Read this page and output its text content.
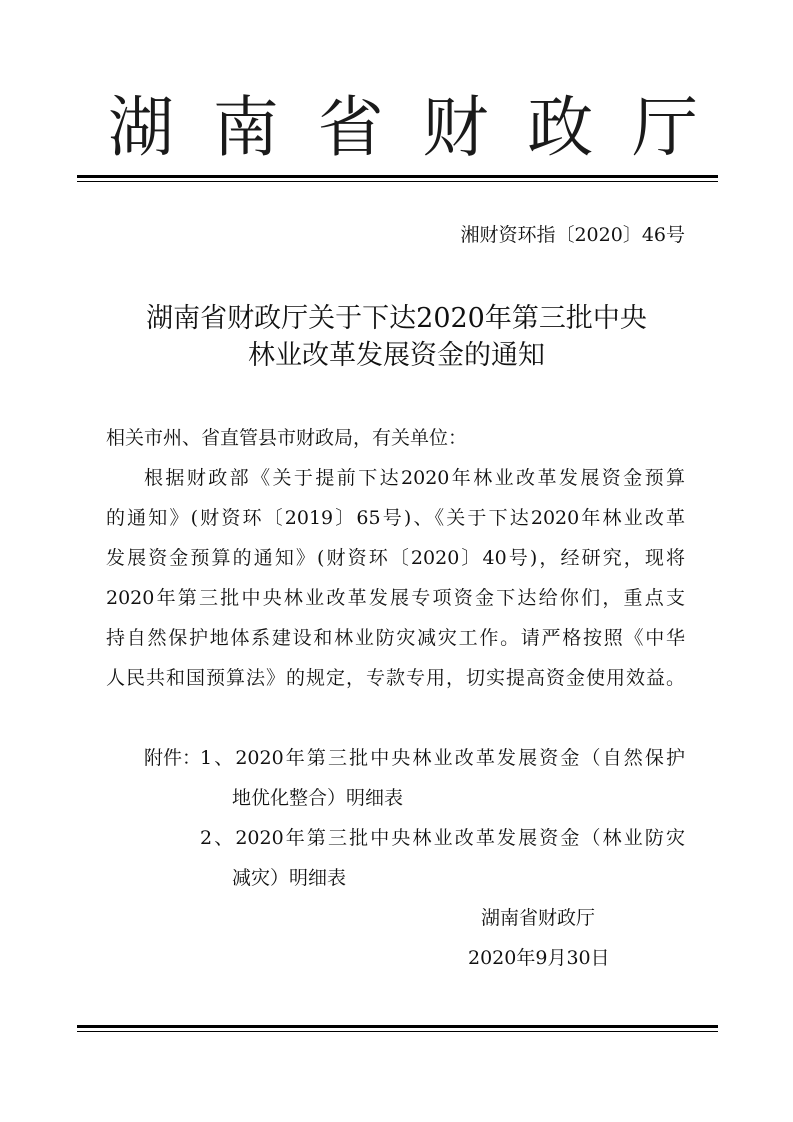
湖 南 省 财 政 厅
湘财资环指〔2020〕46号
湖南省财政厅关于下达2020年第三批中央
林业改革发展资金的通知
相关市州、省直管县市财政局，有关单位：
根据财政部《关于提前下达2020年林业改革发展资金预算
的通知》(财资环〔2019〕65号)、《关于下达2020年林业改革
发展资金预算的通知》(财资环〔2020〕40号)，经研究，现将
2020年第三批中央林业改革发展专项资金下达给你们，重点支
持自然保护地体系建设和林业防灾减灾工作。请严格按照《中华
人民共和国预算法》的规定，专款专用，切实提高资金使用效益。
附件：
1、2020年第三批中央林业改革发展资金（自然保护
地优化整合）明细表
2、2020年第三批中央林业改革发展资金（林业防灾
减灾）明细表
湖南省财政厅
2020年9月30日
